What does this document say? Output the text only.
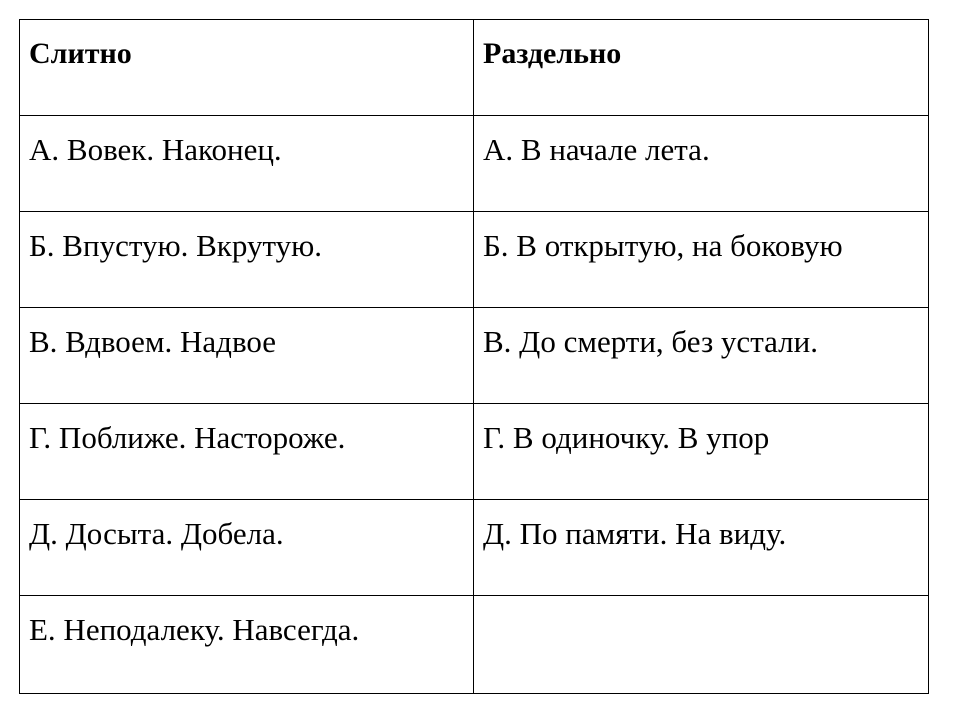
Слитно	Раздельно
А. Вовек. Наконец.	А. В начале лета.
Б. Впустую. Вкрутую.	Б. В открытую, на боковую
В. Вдвоем. Надвое	В. До смерти, без устали.
Г. Поближе. Настороже.	Г. В одиночку. В упор
Д. Досыта. Добела.	Д. По памяти. На виду.
Е. Неподалеку. Навсегда.	
